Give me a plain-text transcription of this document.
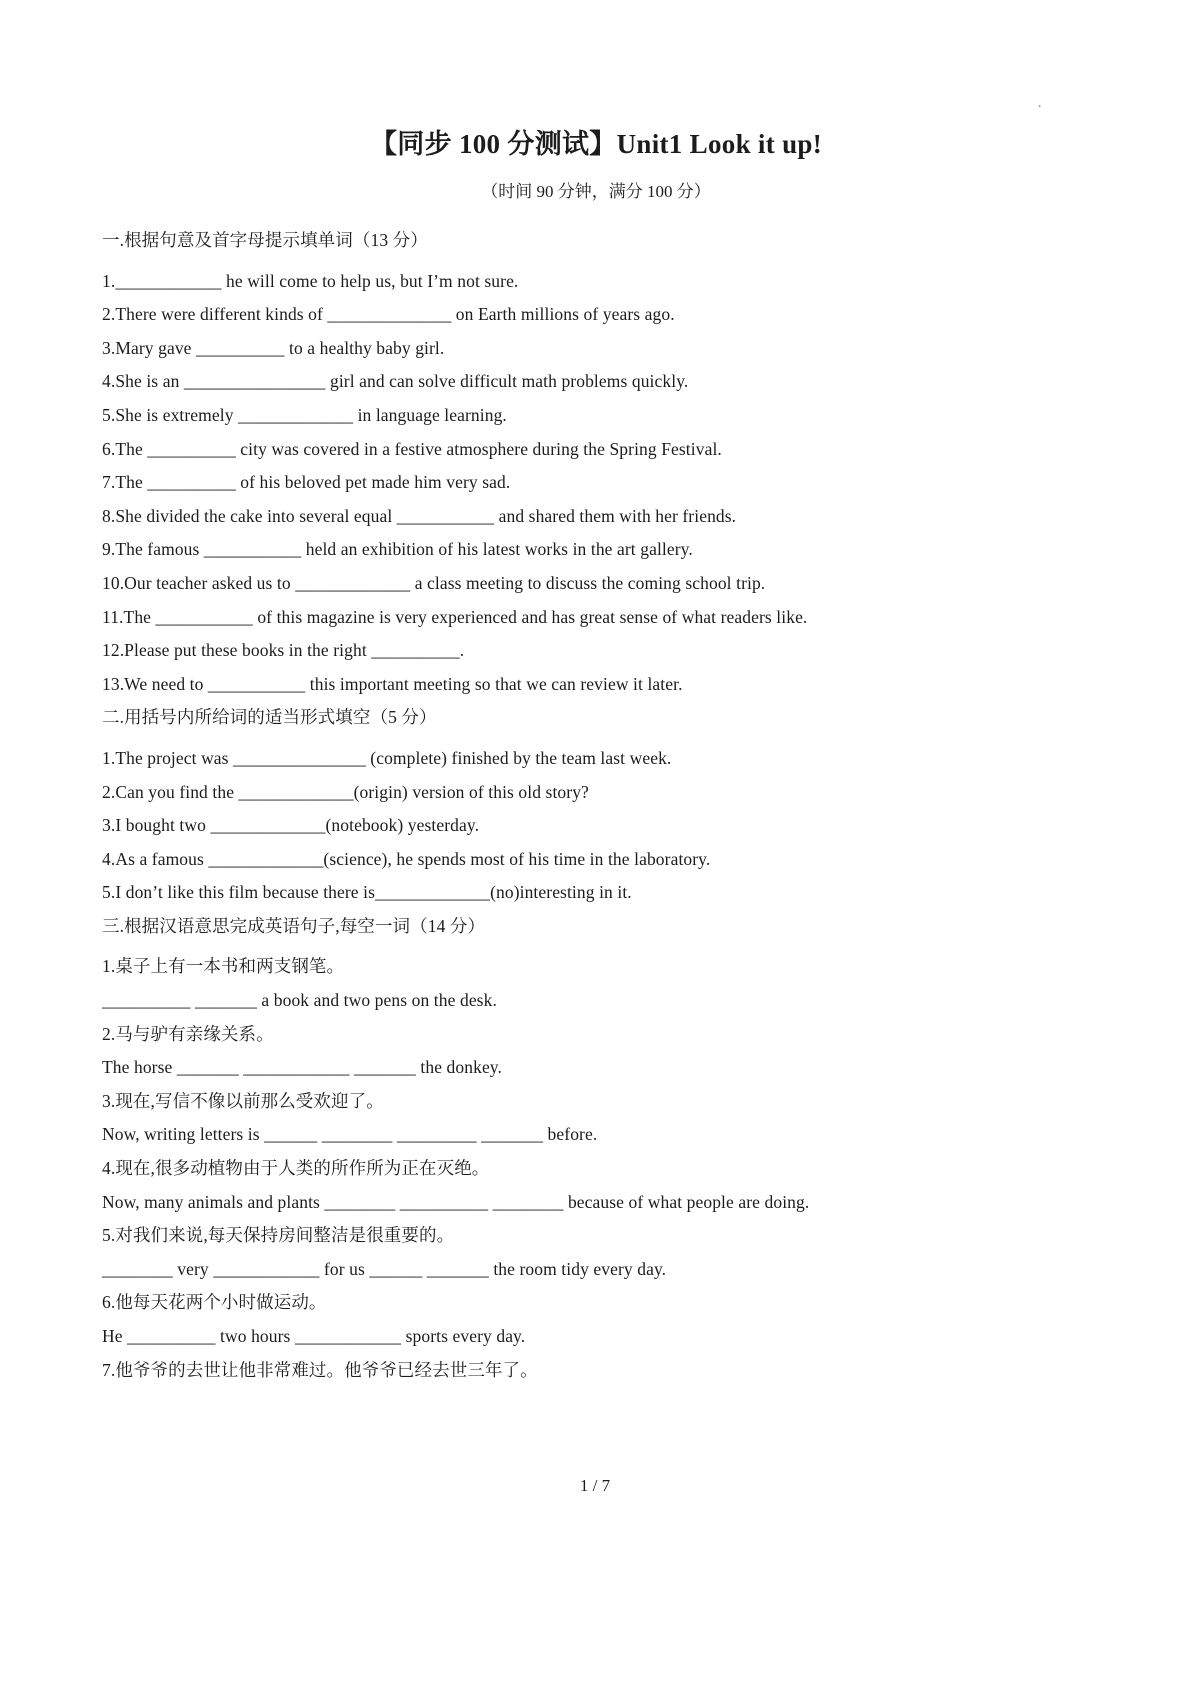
·
【同步 100 分测试】Unit1 Look it up!
（时间 90 分钟，满分 100 分）
一.根据句意及首字母提示填单词（13 分）
1.____________ he will come to help us, but I’m not sure.
2.There were different kinds of ______________ on Earth millions of years ago.
3.Mary gave __________ to a healthy baby girl.
4.She is an ________________ girl and can solve difficult math problems quickly.
5.She is extremely _____________ in language learning.
6.The __________ city was covered in a festive atmosphere during the Spring Festival.
7.The __________ of his beloved pet made him very sad.
8.She divided the cake into several equal ___________ and shared them with her friends.
9.The famous ___________ held an exhibition of his latest works in the art gallery.
10.Our teacher asked us to _____________ a class meeting to discuss the coming school trip.
11.The ___________ of this magazine is very experienced and has great sense of what readers like.
12.Please put these books in the right __________.
13.We need to ___________ this important meeting so that we can review it later.
二.用括号内所给词的适当形式填空（5 分）
1.The project was _______________ (complete) finished by the team last week.
2.Can you find the _____________(origin) version of this old story?
3.I bought two _____________(notebook) yesterday.
4.As a famous _____________(science), he spends most of his time in the laboratory.
5.I don’t like this film because there is_____________(no)interesting in it.
三.根据汉语意思完成英语句子,每空一词（14 分）
1.桌子上有一本书和两支钢笔。
__________ _______ a book and two pens on the desk.
2.马与驴有亲缘关系。
The horse _______ ____________ _______ the donkey.
3.现在,写信不像以前那么受欢迎了。
Now, writing letters is ______ ________ _________ _______ before.
4.现在,很多动植物由于人类的所作所为正在灭绝。
Now, many animals and plants ________ __________ ________ because of what people are doing.
5.对我们来说,每天保持房间整洁是很重要的。
________ very ____________ for us ______ _______ the room tidy every day.
6.他每天花两个小时做运动。
He __________ two hours ____________ sports every day.
7.他爷爷的去世让他非常难过。他爷爷已经去世三年了。
1 / 7
